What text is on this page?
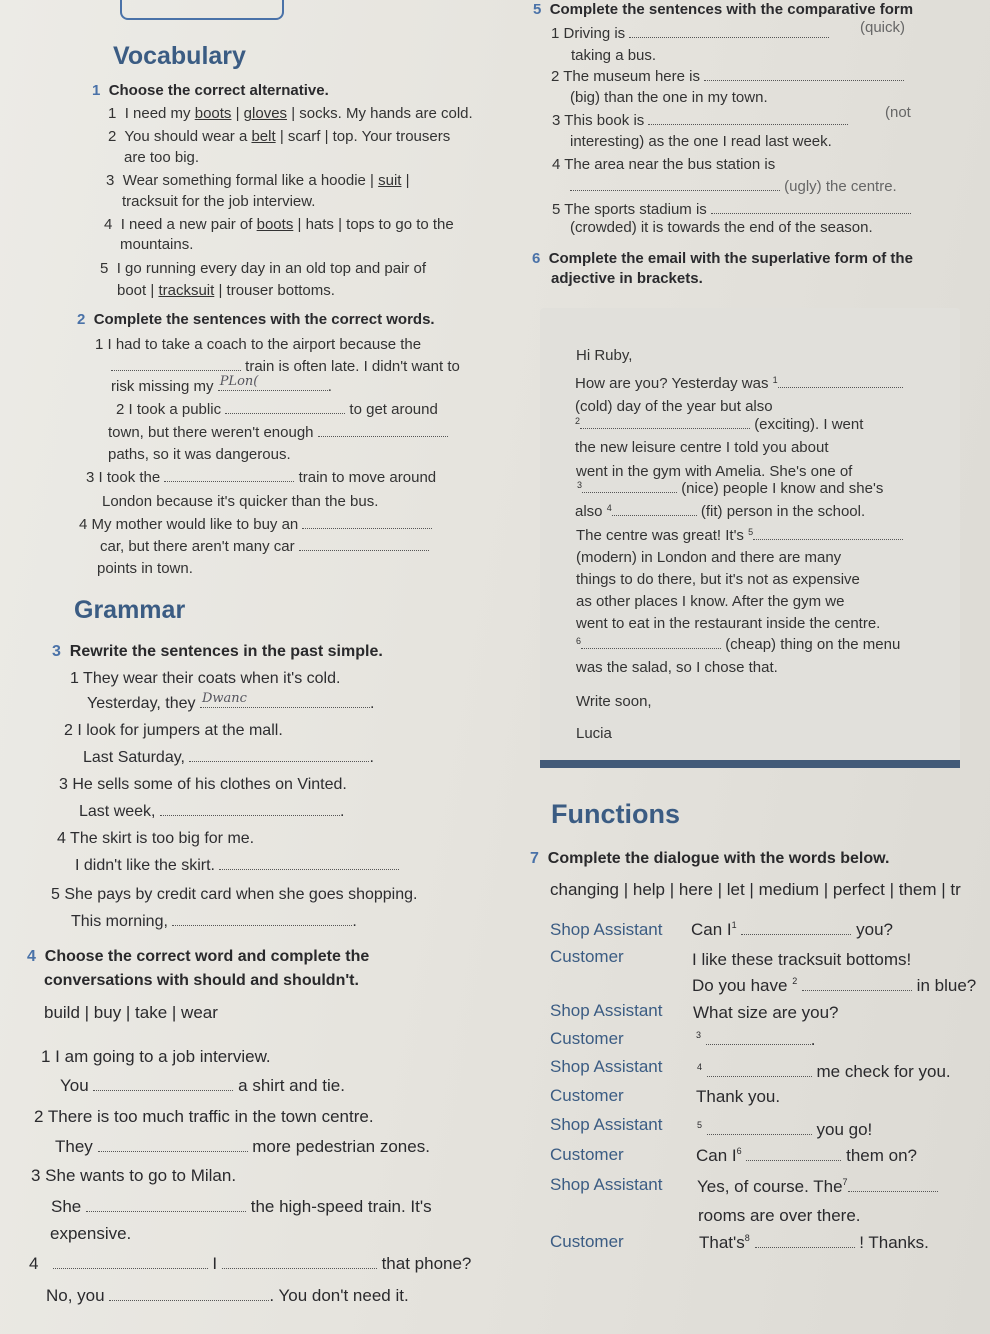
Vocabulary
1 Choose the correct alternative.
1 I need my boots | gloves | socks. My hands are cold.
2 You should wear a belt | scarf | top. Your trousers
are too big.
3 Wear something formal like a hoodie | suit |
tracksuit for the job interview.
4 I need a new pair of boots | hats | tops to go to the
mountains.
5 I go running every day in an old top and pair of
boot | tracksuit | trouser bottoms.
2 Complete the sentences with the correct words.
1 I had to take a coach to the airport because the
train is often late. I didn't want to
risk missing my PLon(	.
2 I took a public	to get around
town, but there weren't enough
paths, so it was dangerous.
3 I took the	train to move around
London because it's quicker than the bus.
4 My mother would like to buy an
car, but there aren't many car
points in town.
Grammar
3 Rewrite the sentences in the past simple.
1 They wear their coats when it's cold.
Yesterday, they Dwanc	.
2 I look for jumpers at the mall.
Last Saturday,	.
3 He sells some of his clothes on Vinted.
Last week,	.
4 The skirt is too big for me.
I didn't like the skirt.
5 She pays by credit card when she goes shopping.
This morning,	.
4 Choose the correct word and complete the
conversations with should and shouldn't.
build | buy | take | wear
1 I am going to a job interview.
You	a shirt and tie.
2 There is too much traffic in the town centre.
They	more pedestrian zones.
3 She wants to go to Milan.
She	the high-speed train. It's
expensive.
4	I	that phone?
No, you	. You don't need it.
5 Complete the sentences with the comparative form
1 Driving is	(quick)
taking a bus.
2 The museum here is
(big) than the one in my town.
3 This book is	(not
interesting) as the one I read last week.
4 The area near the bus station is
(ugly) the centre.
5 The sports stadium is
(crowded) it is towards the end of the season.
6 Complete the email with the superlative form of the
adjective in brackets.
Hi Ruby,
How are you? Yesterday was $^1$
(cold) day of the year but also
$^2$	(exciting). I went
the new leisure centre I told you about
went in the gym with Amelia. She's one of
$^3$	(nice) people I know and she's
also $^4$	(fit) person in the school.
The centre was great! It's $^5$
(modern) in London and there are many
things to do there, but it's not as expensive
as other places I know. After the gym we
went to eat in the restaurant inside the centre.
$^6$	(cheap) thing on the menu
was the salad, so I chose that.
Write soon,
Lucia
Functions
7 Complete the dialogue with the words below.
changing | help | here | let | medium | perfect | them | tr
Shop Assistant Can $I^1$	you?
Customer	I like these tracksuit bottoms!
Do you have $^2$	in blue?
Shop Assistant What size are you?
Customer	$^3$	.
Shop Assistant	$^4$	me check for you.
Customer	Thank you.
Shop Assistant	$^5$	you go!
Customer	Can $I^6$	them on?
Shop Assistant Yes, of course. The$^7$
rooms are over there.
Customer	$That's^8$	! Thanks.
